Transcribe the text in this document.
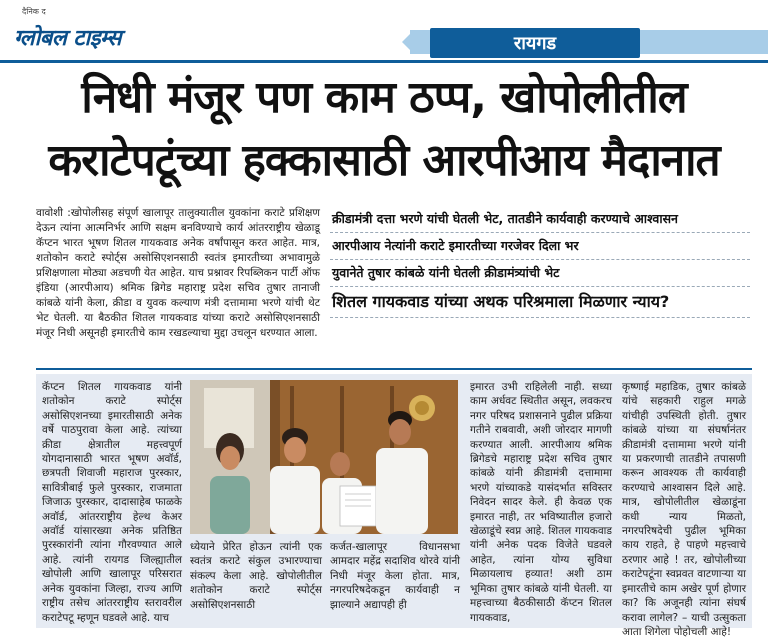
दैनिक द
ग्लोबल टाइम्स	रायगड
निधी मंजूर पण काम ठप्प, खोपोलीतील
कराटेपटूंच्या हक्कासाठी आरपीआय मैदानात
वावोशी :खोपोलीसह संपूर्ण खालापूर तालुक्यातील युवकांना कराटे प्रशिक्षण देऊन त्यांना आत्मनिर्भर आणि सक्षम बनविण्याचे कार्य आंतरराष्ट्रीय खेळाडू कॅप्टन भारत भूषण शितल गायकवाड अनेक वर्षांपासून करत आहेत. मात्र, शतोकोन कराटे स्पोर्ट्स असोसिएशनसाठी स्वतंत्र इमारतीच्या अभावामुळे प्रशिक्षणाला मोठ्या अडचणी येत आहेत. याच प्रश्नावर रिपब्लिकन पार्टी ऑफ इंडिया (आरपीआय) श्रमिक ब्रिगेड महाराष्ट्र प्रदेश सचिव तुषार तानाजी कांबळे यांनी केला, क्रीडा व युवक कल्याण मंत्री दत्तामामा भरणे यांची थेट भेट घेतली. या बैठकीत शितल गायकवाड यांच्या कराटे असोसिएशनसाठी मंजूर निधी असूनही इमारतीचे काम रखडल्याचा मुद्दा उचलून धरण्यात आला.
क्रीडामंत्री दत्ता भरणे यांची घेतली भेट, तातडीने कार्यवाही करण्याचे आश्वासन
आरपीआय नेत्यांनी कराटे इमारतीच्या गरजेवर दिला भर
युवानेते तुषार कांबळे यांनी घेतली क्रीडामंत्र्यांची भेट
शितल गायकवाड यांच्या अथक परिश्रमाला मिळणार न्याय?
कॅप्टन शितल गायकवाड यांनी शतोकोन कराटे स्पोर्ट्स असोसिएशनच्या इमारतीसाठी अनेक वर्षे पाठपुरावा केला आहे. त्यांच्या क्रीडा क्षेत्रातील महत्त्वपूर्ण योगदानासाठी भारत भूषण अवॉर्ड, छत्रपती शिवाजी महाराज पुरस्कार, सावित्रीबाई फुले पुरस्कार, राजमाता जिजाऊ पुरस्कार, दादासाहेब फाळके अवॉर्ड, आंतरराष्ट्रीय हेल्थ केअर अवॉर्ड यांसारख्या अनेक प्रतिष्ठित पुरस्कारांनी त्यांना गौरवण्यात आले आहे. त्यांनी रायगड जिल्ह्यातील खोपोली आणि खालापूर परिसरात अनेक युवकांना जिल्हा, राज्य आणि राष्ट्रीय तसेच आंतरराष्ट्रीय स्तरावरील कराटेपटू म्हणून घडवले आहे. याच
ध्येयाने प्रेरित होऊन त्यांनी एक स्वतंत्र कराटे संकुल उभारण्याचा संकल्प केला आहे. खोपोलीतील शतोकोन कराटे स्पोर्ट्स असोसिएशनसाठी
कर्जत-खालापूर विधानसभा आमदार महेंद्र सदाशिव थोरवे यांनी निधी मंजूर केला होता. मात्र, नगरपरिषदेकडून कार्यवाही न झाल्याने अद्यापही ही
इमारत उभी राहिलेली नाही. सध्या काम अर्धवट स्थितीत असून, लवकरच नगर परिषद प्रशासनाने पुढील प्रक्रिया गतीने राबवावी, अशी जोरदार मागणी करण्यात आली. आरपीआय श्रमिक ब्रिगेडचे महाराष्ट्र प्रदेश सचिव तुषार कांबळे यांनी क्रीडामंत्री दत्तामामा भरणे यांच्याकडे यासंदर्भात सविस्तर निवेदन सादर केले. ही केवळ एक इमारत नाही, तर भविष्यातील हजारो खेळाडूंचे स्वप्न आहे. शितल गायकवाड यांनी अनेक पदक विजेते घडवले आहेत, त्यांना योग्य सुविधा मिळायलाच हव्यात! अशी ठाम भूमिका तुषार कांबळे यांनी घेतली. या महत्त्वाच्या बैठकीसाठी कॅप्टन शितल गायकवाड,
कृष्णाई महाडिक, तुषार कांबळे यांचे सहकारी राहुल मगळे यांचीही उपस्थिती होती. तुषार कांबळे यांच्या या संघर्षानंतर क्रीडामंत्री दत्तामामा भरणे यांनी या प्रकरणाची तातडीने तपासणी करून आवश्यक ती कार्यवाही करण्याचे आश्वासन दिले आहे. मात्र, खोपोलीतील खेळाडूंना कधी न्याय मिळतो, नगरपरिषदेची पुढील भूमिका काय राहते, हे पाहणे महत्त्वाचे ठरणार आहे ! तर, खोपोलीच्या कराटेपटूंना स्वप्नवत वाटणाऱ्या या इमारतीचे काम अखेर पूर्ण होणार का? कि अजूनही त्यांना संघर्ष करावा लागेल? – याची उत्सुकता आता शिगेला पोहोचली आहे!
